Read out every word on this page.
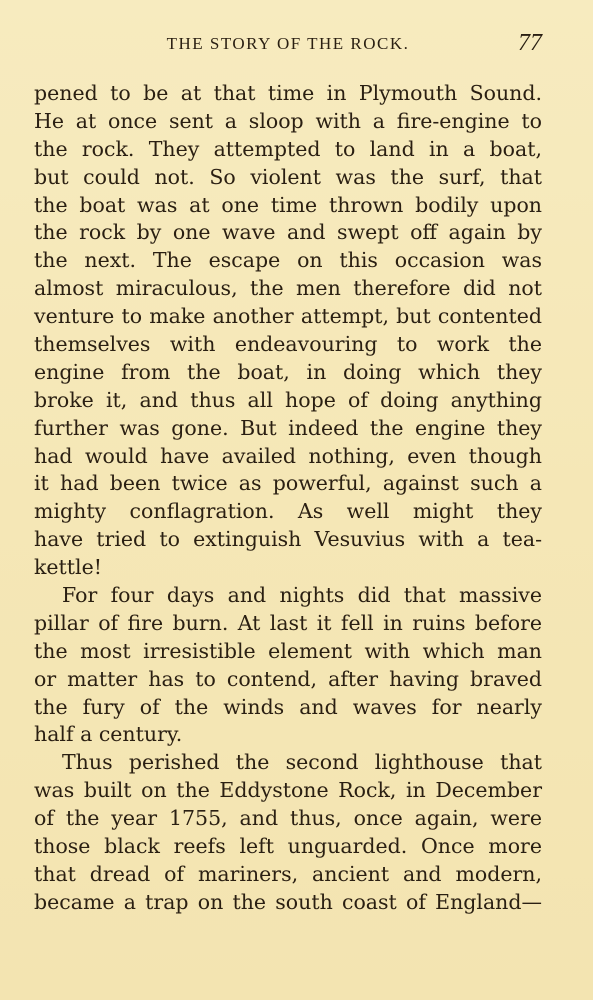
THE STORY OF THE ROCK.	77
pened to be at that time in Plymouth Sound.
He at once sent a sloop with a fire-engine to
the rock. They attempted to land in a boat,
but could not. So violent was the surf, that
the boat was at one time thrown bodily upon
the rock by one wave and swept off again by
the next. The escape on this occasion was
almost miraculous, the men therefore did not
venture to make another attempt, but contented
themselves with endeavouring to work the
engine from the boat, in doing which they
broke it, and thus all hope of doing anything
further was gone. But indeed the engine they
had would have availed nothing, even though
it had been twice as powerful, against such a
mighty conflagration. As well might they
have tried to extinguish Vesuvius with a tea-
kettle!
For four days and nights did that massive
pillar of fire burn. At last it fell in ruins before
the most irresistible element with which man
or matter has to contend, after having braved
the fury of the winds and waves for nearly
half a century.
Thus perished the second lighthouse that
was built on the Eddystone Rock, in December
of the year 1755, and thus, once again, were
those black reefs left unguarded. Once more
that dread of mariners, ancient and modern,
became a trap on the south coast of England—
